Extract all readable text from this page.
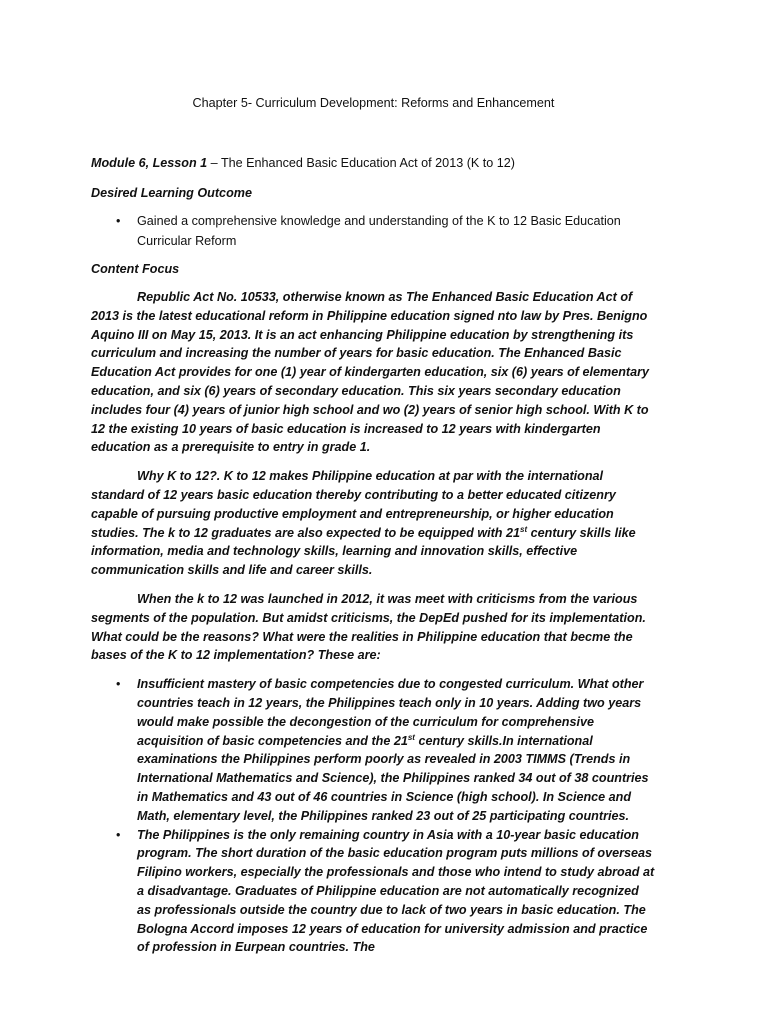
Chapter 5- Curriculum Development: Reforms and Enhancement
Module 6, Lesson 1 – The Enhanced Basic Education Act of 2013 (K to 12)
Desired Learning Outcome
• Gained a comprehensive knowledge and understanding of the K to 12 Basic Education Curricular Reform
Content Focus

Republic Act No. 10533, otherwise known as The Enhanced Basic Education Act of 2013 is the latest educational reform in Philippine education signed nto law by Pres. Benigno Aquino III on May 15, 2013. It is an act enhancing Philippine education by strengthening its curriculum and increasing the number of years for basic education. The Enhanced Basic Education Act provides for one (1) year of kindergarten education, six (6) years of elementary education, and six (6) years of secondary education. This six years secondary education includes four (4) years of junior high school and wo (2) years of senior high school. With K to 12 the existing 10 years of basic education is increased to 12 years with kindergarten education as a prerequisite to entry in grade 1.

Why K to 12?. K to 12 makes Philippine education at par with the international standard of 12 years basic education thereby contributing to a better educated citizenry capable of pursuing productive employment and entrepreneurship, or higher education studies. The k to 12 graduates are also expected to be equipped with 21st century skills like information, media and technology skills, learning and innovation skills, effective communication skills and life and career skills.

When the k to 12 was launched in 2012, it was meet with criticisms from the various segments of the population. But amidst criticisms, the DepEd pushed for its implementation. What could be the reasons? What were the realities in Philippine education that becme the bases of the K to 12 implementation? These are:

• Insufficient mastery of basic competencies due to congested curriculum. What other countries teach in 12 years, the Philippines teach only in 10 years. Adding two years would make possible the decongestion of the curriculum for comprehensive acquisition of basic competencies and the 21st century skills.In international examinations the Philippines perform poorly as revealed in 2003 TIMMS (Trends in International Mathematics and Science), the Philippines ranked 34 out of 38 countries in Mathematics and 43 out of 46 countries in Science (high school). In Science and Math, elementary level, the Philippines ranked 23 out of 25 participating countries.
• The Philippines is the only remaining country in Asia with a 10-year basic education program. The short duration of the basic education program puts millions of overseas Filipino workers, especially the professionals and those who intend to study abroad at a disadvantage. Graduates of Philippine education are not automatically recognized as professionals outside the country due to lack of two years in basic education. The Bologna Accord imposes 12 years of education for university admission and practice of profession in Eurpean countries. The
